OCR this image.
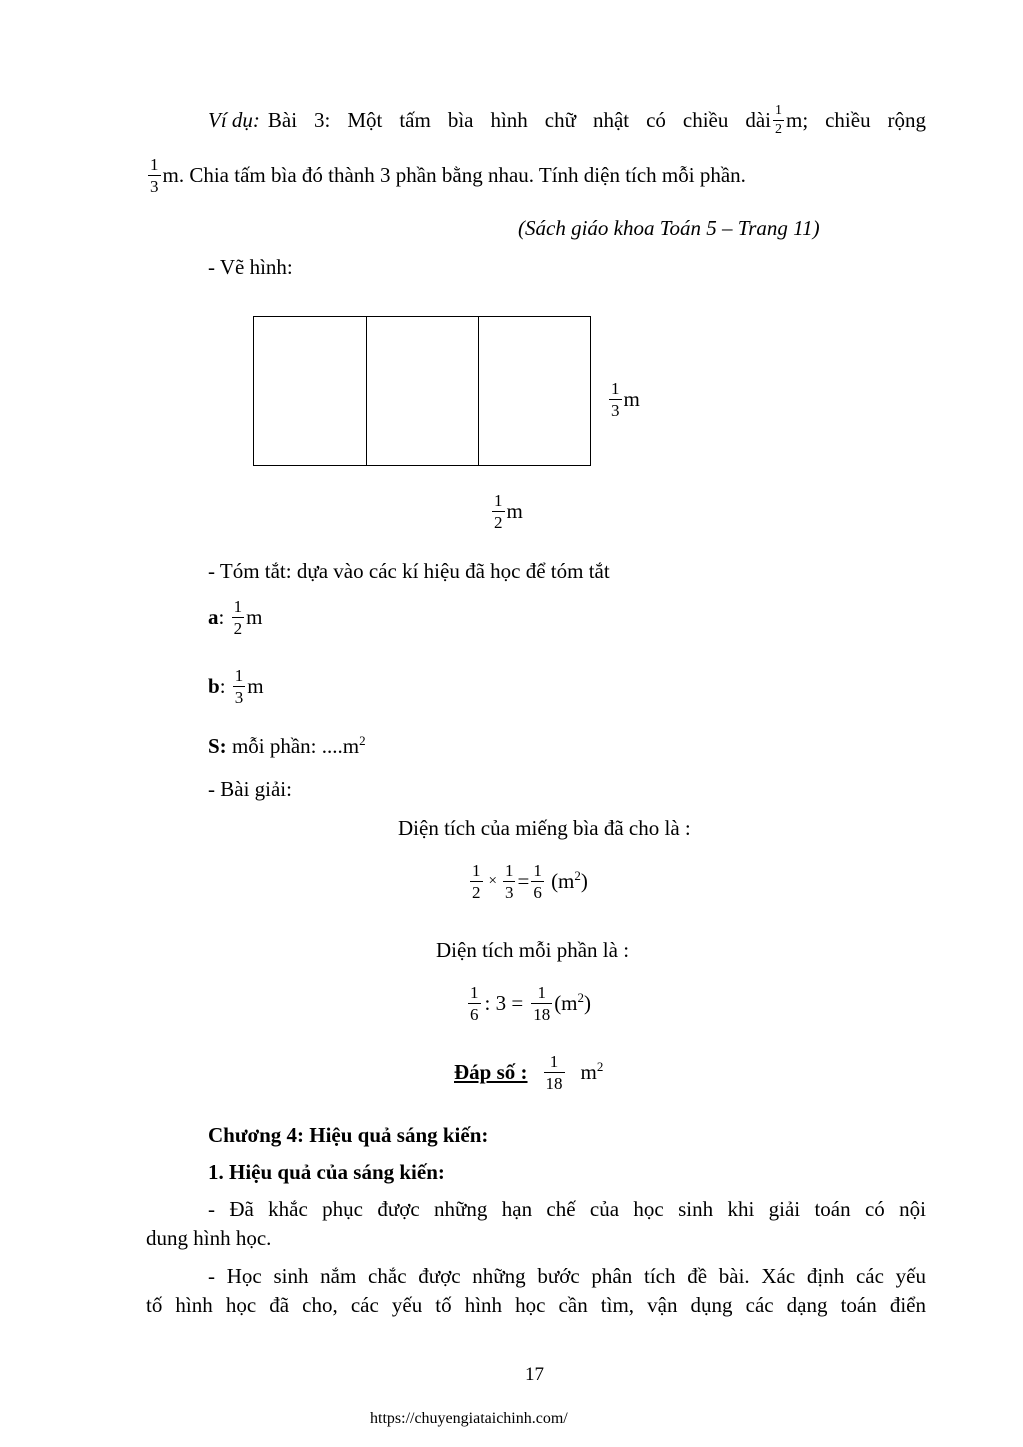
Ví dụ: Bài 3: Một tấm bìa hình chữ nhật có chiều dài $\frac{1}{2} m$; chiều rộng
$\frac{1}{3} m$. Chia tấm bìa đó thành 3 phần bằng nhau. Tính diện tích mỗi phần.
(Sách giáo khoa Toán 5 – Trang 11)
- Vẽ hình:
$\frac{1}{3}$ m
$\frac{1}{2}$ m
- Tóm tắt: dựa vào các kí hiệu đã học để tóm tắt
a : $\frac{1}{2}$ m
b : $\frac{1}{3}$ m
S: mỗi phần: $....m^2$
- Bài giải:
Diện tích của miếng bìa đã cho là :
$\frac{1}{2} \times \frac{1}{3} = \frac{1}{6} (m^2)$
Diện tích mỗi phần là :
$\frac{1}{6}$ : $3 = \frac{1}{18} (m^2)$
Đáp số : $\frac{1}{18} m^2$
Chương 4: Hiệu quả sáng kiến:
1. Hiệu quả của sáng kiến:
- Đã khắc phục được những hạn chế của học sinh khi giải toán có nội
dung hình học.
- Học sinh nắm chắc được những bước phân tích đề bài. Xác định các yếu
tố hình học đã cho, các yếu tố hình học cần tìm, vận dụng các dạng toán điển
17
https://chuyengiataichinh.com/
